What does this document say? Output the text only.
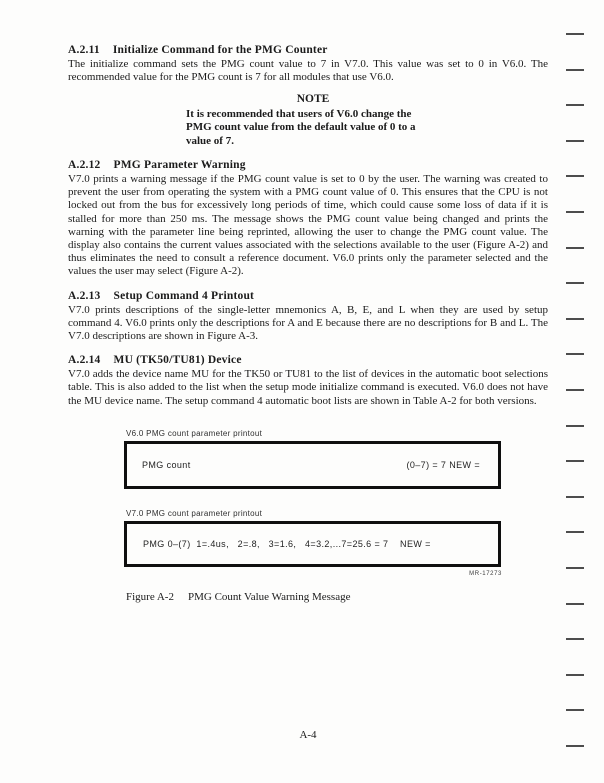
A.2.11 Initialize Command for the PMG Counter

The initialize command sets the PMG count value to 7 in V7.0. This value was set to 0 in V6.0. The recommended value for the PMG count is 7 for all modules that use V6.0.

NOTE
It is recommended that users of V6.0 change the
PMG count value from the default value of 0 to a
value of 7.
A.2.12 PMG Parameter Warning

V7.0 prints a warning message if the PMG count value is set to 0 by the user. The warning was created to prevent the user from operating the system with a PMG count value of 0. This ensures that the CPU is not locked out from the bus for excessively long periods of time, which could cause some loss of data if it is stalled for more than 250 ms. The message shows the PMG count value being changed and prints the warning with the parameter line being reprinted, allowing the user to change the PMG count value. The display also contains the current values associated with the selections available to the user (Figure A-2) and thus eliminates the need to consult a reference document. V6.0 prints only the parameter selected and the values the user may select (Figure A-2).

A.2.13 Setup Command 4 Printout

V7.0 prints descriptions of the single-letter mnemonics A, B, E, and L when they are used by setup command 4. V6.0 prints only the descriptions for A and E because there are no descriptions for B and L. The V7.0 descriptions are shown in Figure A-3.

A.2.14 MU (TK50/TU81) Device

V7.0 adds the device name MU for the TK50 or TU81 to the list of devices in the automatic boot selections table. This is also added to the list when the setup mode initialize command is executed. V6.0 does not have the MU device name. The setup command 4 automatic boot lists are shown in Table A-2 for both versions.

V6.0 PMG count parameter printout
PMG count	(0–7) = 7 NEW =
V7.0 PMG count parameter printout
PMG 0–(7)  1=.4us,   2=.8,   3=1.6,   4=3.2,...7=25.6 = 7    NEW =
MR-17273
Figure A-2 PMG Count Value Warning Message
A-4
